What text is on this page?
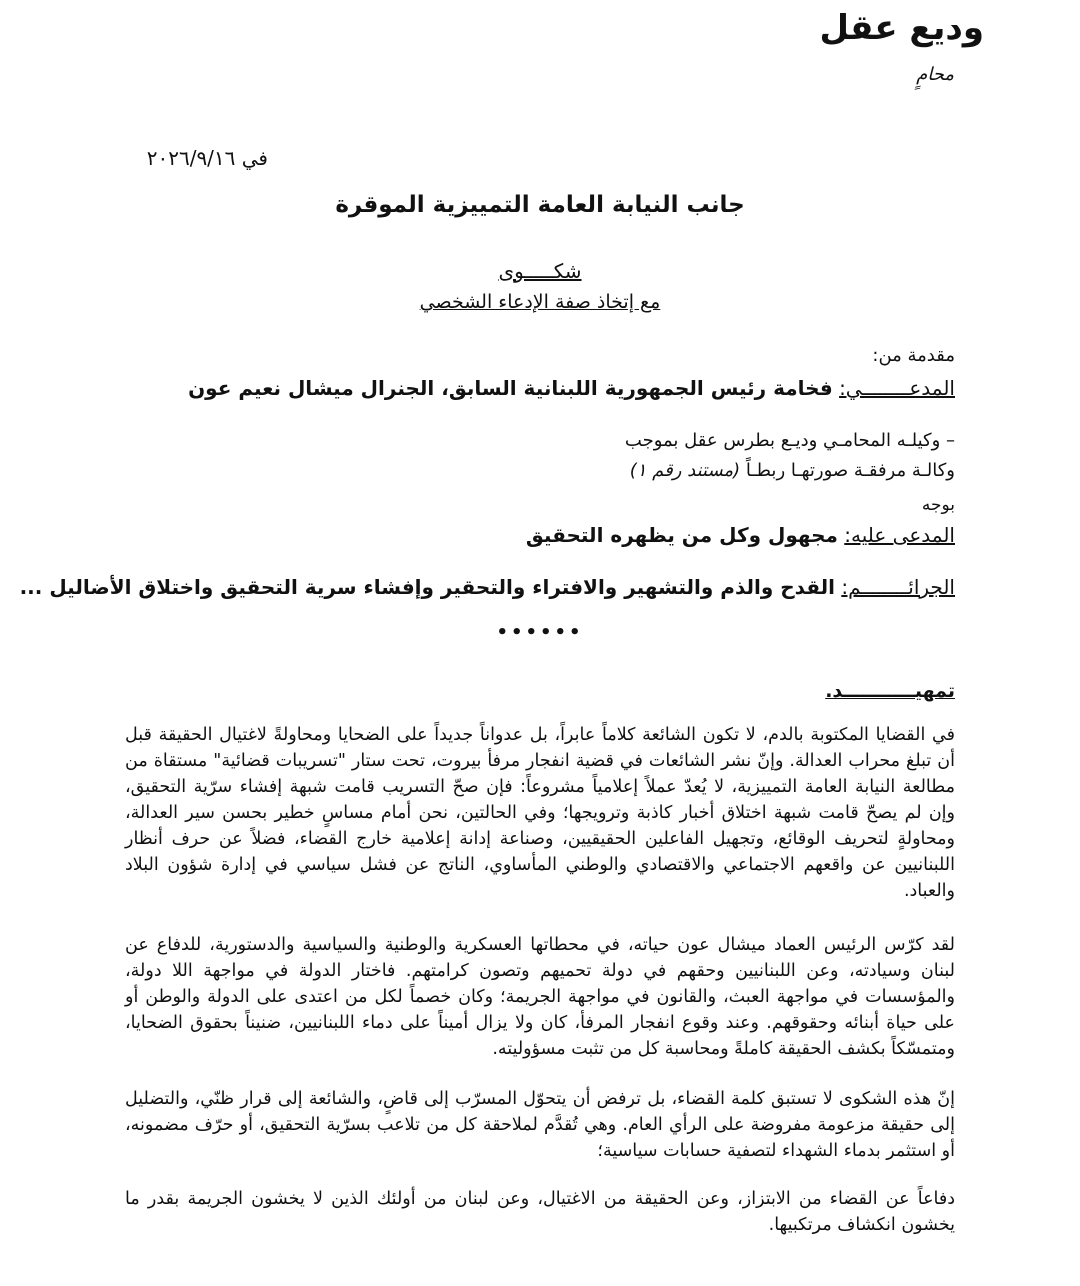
وديع عقل
محامٍ
في ٢٠٢٦/٩/١٦
جانب النيابة العامة التمييزية الموقرة
شكـــــوى
مع إتخاذ صفة الإدعاء الشخصي
مقدمة من:
المدعــــــــي: فخامة رئيس الجمهورية اللبنانية السابق، الجنرال ميشال نعيم عون
– وكيلـه المحامـي وديـع بطرس عقل بموجب
وكالـة مرفقـة صورتهـا ربطـاً (مستند رقم ١)
بوجه
المدعى عليه: مجهول وكل من يظهره التحقيق
الجرائــــــــم: القدح والذم والتشهير والافتراء والتحقير وإفشاء سرية التحقيق واختلاق الأضاليل ...
••••••
تمهيـــــــــــد.

في القضايا المكتوبة بالدم، لا تكون الشائعة كلاماً عابراً، بل عدواناً جديداً على الضحايا ومحاولةً لاغتيال الحقيقة قبل أن تبلغ محراب العدالة. وإنّ نشر الشائعات في قضية انفجار مرفأ بيروت، تحت ستار "تسريبات قضائية" مستقاة من مطالعة النيابة العامة التمييزية، لا يُعدّ عملاً إعلامياً مشروعاً: فإن صحّ التسريب قامت شبهة إفشاء سرّية التحقيق، وإن لم يصحّ قامت شبهة اختلاق أخبار كاذبة وترويجها؛ وفي الحالتين، نحن أمام مساسٍ خطير بحسن سير العدالة، ومحاولةٍ لتحريف الوقائع، وتجهيل الفاعلين الحقيقيين، وصناعة إدانة إعلامية خارج القضاء، فضلاً عن حرف أنظار اللبنانيين عن واقعهم الاجتماعي والاقتصادي والوطني المأساوي، الناتج عن فشل سياسي في إدارة شؤون البلاد والعباد.

لقد كرّس الرئيس العماد ميشال عون حياته، في محطاتها العسكرية والوطنية والسياسية والدستورية، للدفاع عن لبنان وسيادته، وعن اللبنانيين وحقهم في دولة تحميهم وتصون كرامتهم. فاختار الدولة في مواجهة اللا دولة، والمؤسسات في مواجهة العبث، والقانون في مواجهة الجريمة؛ وكان خصماً لكل من اعتدى على الدولة والوطن أو على حياة أبنائه وحقوقهم. وعند وقوع انفجار المرفأ، كان ولا يزال أميناً على دماء اللبنانيين، ضنيناً بحقوق الضحايا، ومتمسّكاً بكشف الحقيقة كاملةً ومحاسبة كل من تثبت مسؤوليته.

إنّ هذه الشكوى لا تستبق كلمة القضاء، بل ترفض أن يتحوّل المسرّب إلى قاضٍ، والشائعة إلى قرار ظنّي، والتضليل إلى حقيقة مزعومة مفروضة على الرأي العام. وهي تُقدَّم لملاحقة كل من تلاعب بسرّية التحقيق، أو حرّف مضمونه، أو استثمر بدماء الشهداء لتصفية حسابات سياسية؛

دفاعاً عن القضاء من الابتزاز، وعن الحقيقة من الاغتيال، وعن لبنان من أولئك الذين لا يخشون الجريمة بقدر ما يخشون انكشاف مرتكبيها.
